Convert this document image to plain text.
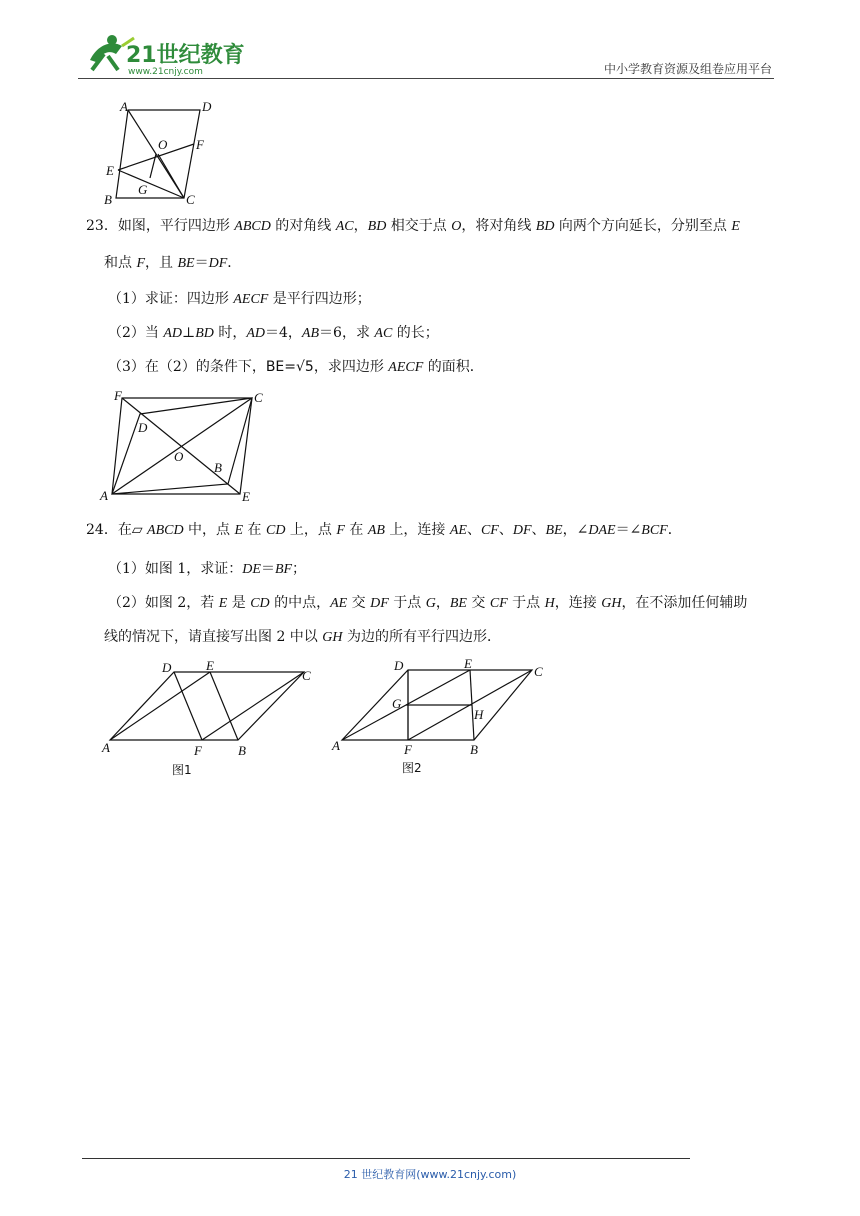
21世纪教育
www.21cnjy.com	中小学教育资源及组卷应用平台
A	D
O F
E
B
G
C
23．如图，平行四边形 ABCD 的对角线 AC，BD 相交于点 O，将对角线 BD 向两个方向延长，分别至点 E
和点 F，且 BE＝DF．
（1）求证：四边形 AECF 是平行四边形；
（2）当 AD⊥BD 时，AD＝4，AB＝6，求 AC 的长；
（3）在（2）的条件下，BE=√5，求四边形 AECF 的面积．
F	C
D
O
B
A	E
24．在▱ ABCD 中，点 E 在 CD 上，点 F 在 AB 上，连接 AE、CF、DF、BE，∠DAE＝∠BCF．
（1）如图 1，求证：DE＝BF；
（2）如图 2，若 E 是 CD 的中点，AE 交 DF 于点 G，BE 交 CF 于点 H，连接 GH，在不添加任何辅助
线的情况下，请直接写出图 2 中以 GH 为边的所有平行四边形．
D	E
C
A	F	B
图1
D	E
C
G
H
A	F	B
图2
21 世纪教育网(www.21cnjy.com)
